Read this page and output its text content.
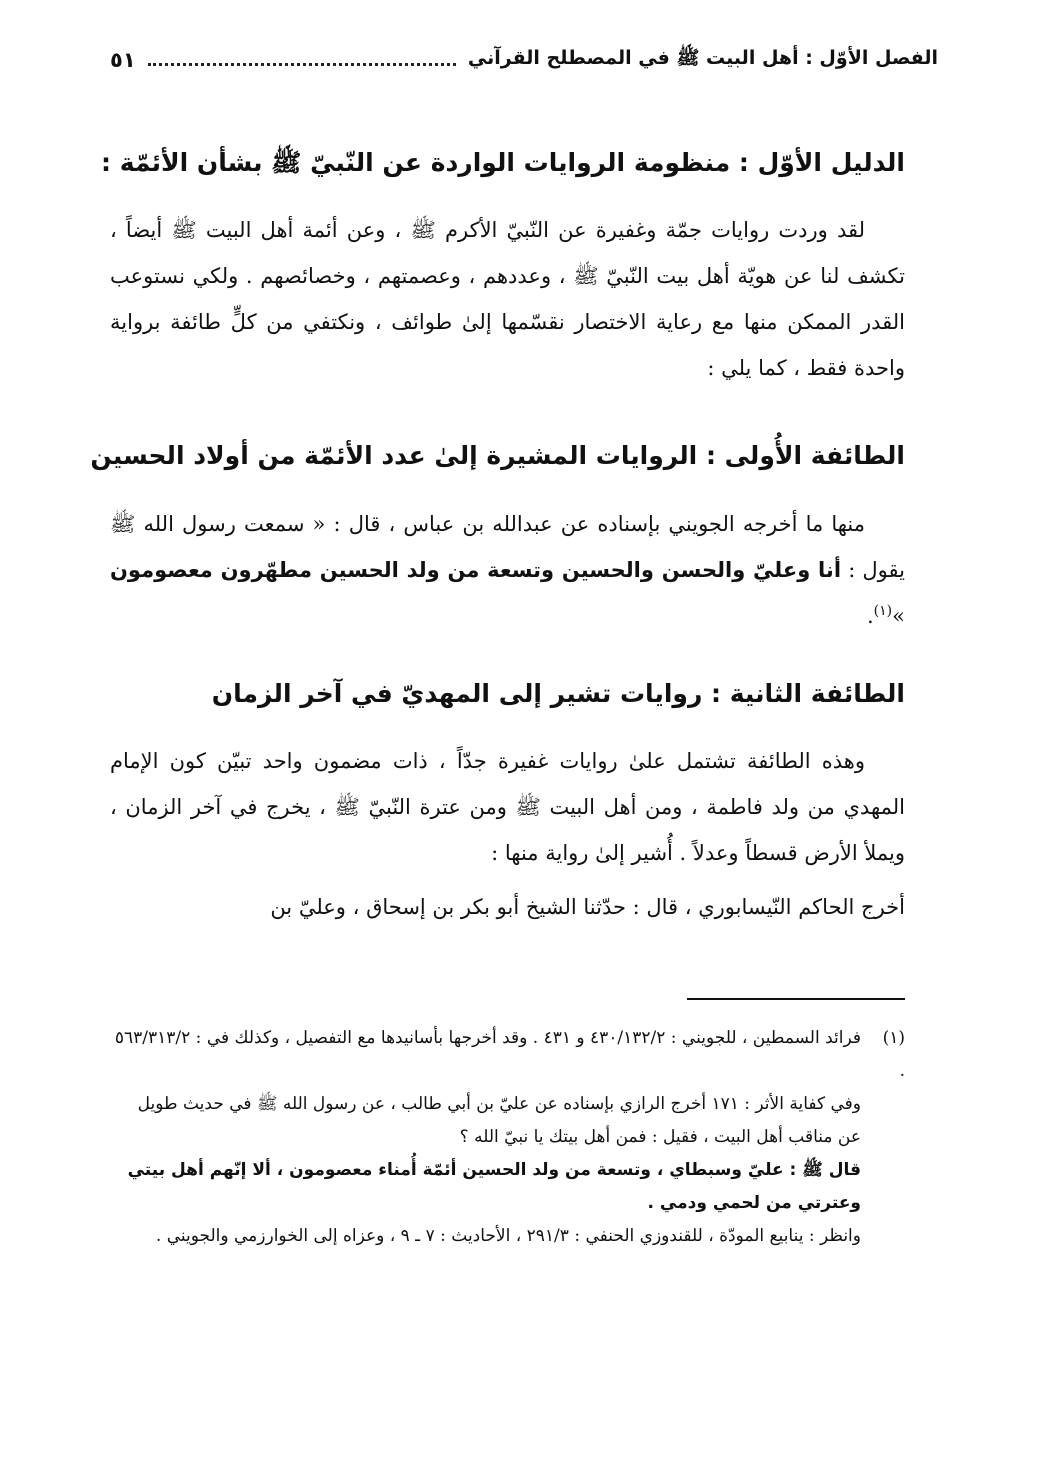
الفصل الأوّل : أهل البيت ﷺ في المصطلح القرآني
٥١
الدليل الأوّل : منظومة الروايات الواردة عن النّبيّ ﷺ بشأن الأئمّة :

لقد وردت روايات جمّة وغفيرة عن النّبيّ الأكرم ﷺ ، وعن أئمة أهل البيت ﷺ أيضاً ، تكشف لنا عن هويّة أهل بيت النّبيّ ﷺ ، وعددهم ، وعصمتهم ، وخصائصهم . ولكي نستوعب القدر الممكن منها مع رعاية الاختصار نقسّمها إلىٰ طوائف ، ونكتفي من كلٍّ طائفة برواية واحدة فقط ، كما يلي :

الطائفة الأُولى : الروايات المشيرة إلىٰ عدد الأئمّة من أولاد الحسين

منها ما أخرجه الجويني بإسناده عن عبدالله بن عباس ، قال : « سمعت رسول الله ﷺ يقول : أنا وعليّ والحسن والحسين وتسعة من ولد الحسين مطهّرون معصومون »$^{(١)}$.

الطائفة الثانية : روايات تشير إلى المهديّ في آخر الزمان

وهذه الطائفة تشتمل علىٰ روايات غفيرة جدّاً ، ذات مضمون واحد تبيّن كون الإمام المهدي من ولد فاطمة ، ومن أهل البيت ﷺ ومن عترة النّبيّ ﷺ ، يخرج في آخر الزمان ، ويملأ الأرض قسطاً وعدلاً . أُشير إلىٰ رواية منها :

أخرج الحاكم النّيسابوري ، قال : حدّثنا الشيخ أبو بكر بن إسحاق ، وعليّ بن

(١)فرائد السمطين ، للجويني : ٤٣٠/١٣٢/٢ و ٤٣١ . وقد أخرجها بأسانيدها مع التفصيل ، وكذلك في : ٥٦٣/٣١٣/٢ .

وفي كفاية الأثر : ١٧١ أخرج الرازي بإسناده عن عليّ بن أبي طالب ، عن رسول الله ﷺ في حديث طويل عن مناقب أهل البيت ، فقيل : فمن أهل بيتك يا نبيّ الله ؟

قال ﷺ : عليّ وسبطاي ، وتسعة من ولد الحسين أئمّة أُمناء معصومون ، ألا إنّهم أهل بيتي وعترتي من لحمي ودمي .

وانظر : ينابيع المودّة ، للقندوزي الحنفي : ٢٩١/٣ ، الأحاديث : ٧ ـ ٩ ، وعزاه إلى الخوارزمي والجويني .
